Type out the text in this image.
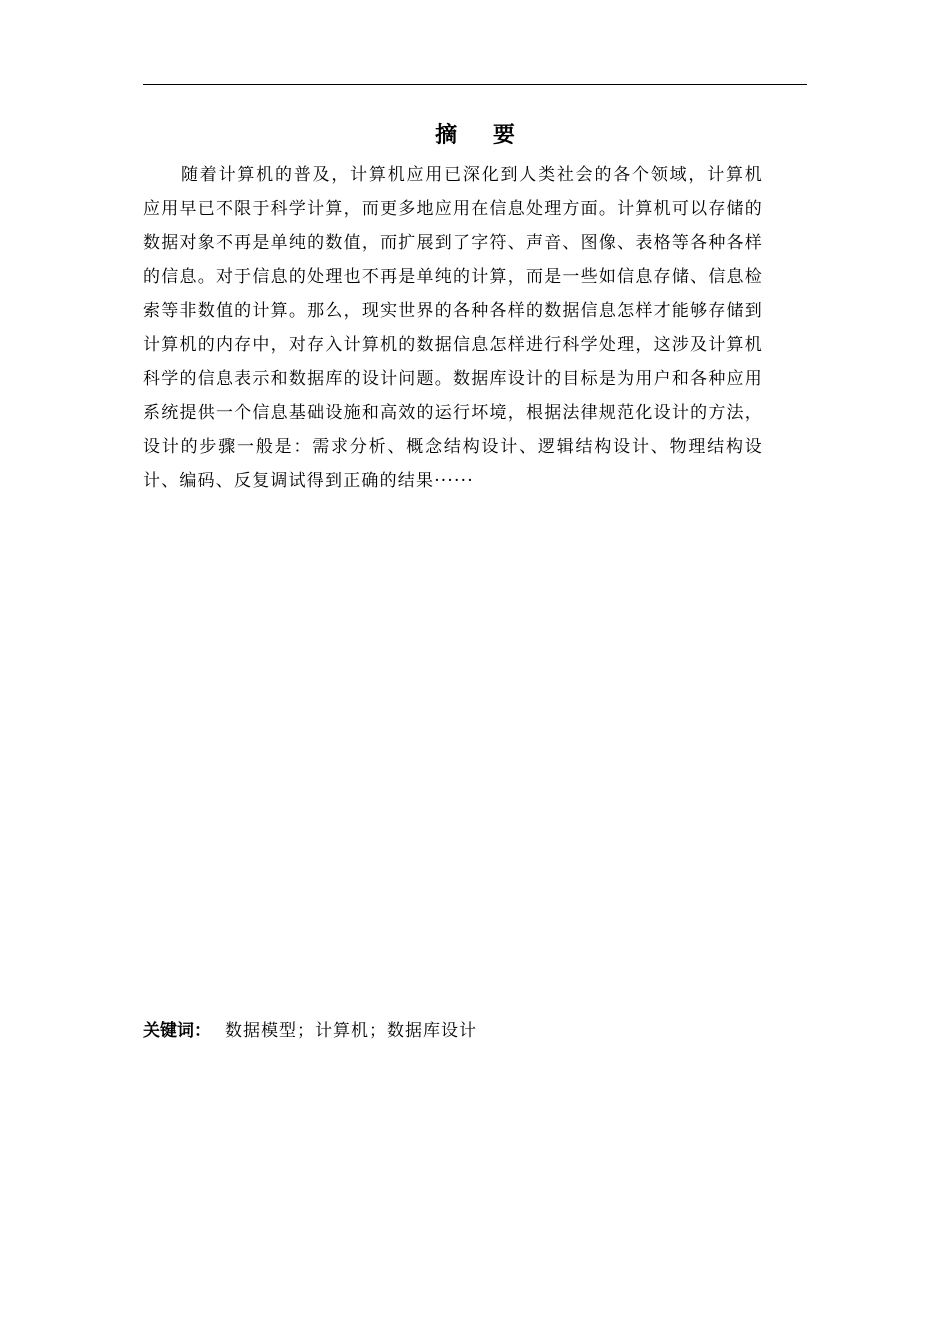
摘 要

随着计算机的普及，计算机应用已深化到人类社会的各个领域，计算机应用早已不限于科学计算，而更多地应用在信息处理方面。计算机可以存储的数据对象不再是单纯的数值，而扩展到了字符、声音、图像、表格等各种各样的信息。对于信息的处理也不再是单纯的计算，而是一些如信息存储、信息检索等非数值的计算。那么，现实世界的各种各样的数据信息怎样才能够存储到计算机的内存中，对存入计算机的数据信息怎样进行科学处理，这涉及计算机科学的信息表示和数据库的设计问题。数据库设计的目标是为用户和各种应用系统提供一个信息基础设施和高效的运行坏境，根据法律规范化设计的方法，设计的步骤一般是：需求分析、概念结构设计、逻辑结构设计、物理结构设计、编码、反复调试得到正确的结果······

关键词： 数据模型；计算机；数据库设计
